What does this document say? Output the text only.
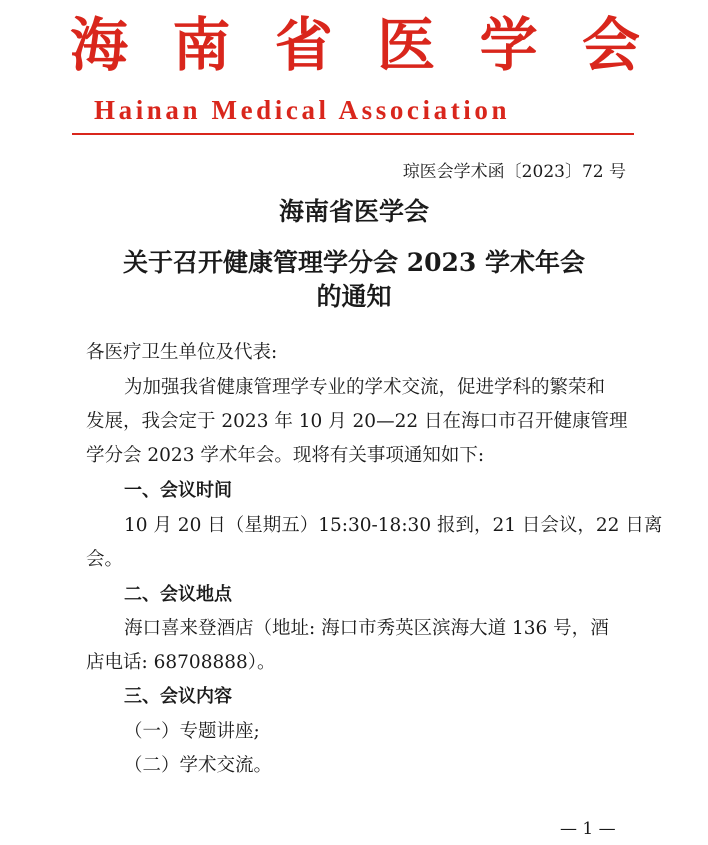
海 南 省 医 学 会
Hainan Medical Association
琼医会学术函〔2023〕72 号
海南省医学会
关于召开健康管理学分会 2023 学术年会
的通知
各医疗卫生单位及代表:
为加强我省健康管理学专业的学术交流，促进学科的繁荣和
发展，我会定于 2023 年 10 月 20—22 日在海口市召开健康管理
学分会 2023 学术年会。现将有关事项通知如下:
一、会议时间
10 月 20 日（星期五）15:30-18:30 报到，21 日会议，22 日离
会。
二、会议地点
海口喜来登酒店（地址: 海口市秀英区滨海大道 136 号，酒
店电话: 68708888）。
三、会议内容
（一）专题讲座;
（二）学术交流。
— 1 —
